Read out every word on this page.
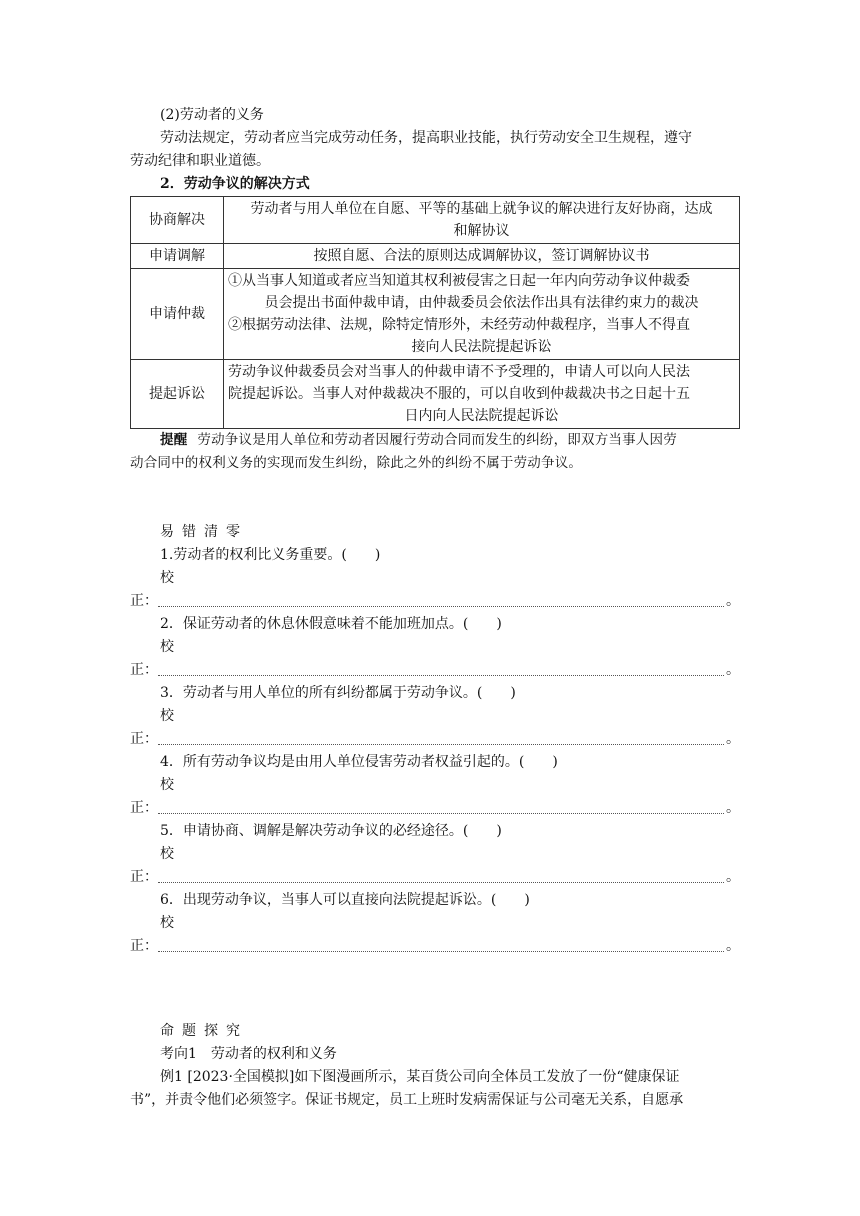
(2)劳动者的义务

劳动法规定，劳动者应当完成劳动任务，提高职业技能，执行劳动安全卫生规程，遵守

劳动纪律和职业道德。

2．劳动争议的解决方式

协商解决	劳动者与用人单位在自愿、平等的基础上就争议的解决进行友好协商，达成
和解协议

申请调解	按照自愿、合法的原则达成调解协议，签订调解协议书

申请仲裁	①从当事人知道或者应当知道其权利被侵害之日起一年内向劳动争议仲裁委
员会提出书面仲裁申请，由仲裁委员会依法作出具有法律约束力的裁决
②根据劳动法律、法规，除特定情形外，未经劳动仲裁程序，当事人不得直
接向人民法院提起诉讼

提起诉讼	劳动争议仲裁委员会对当事人的仲裁申请不予受理的，申请人可以向人民法
院提起诉讼。当事人对仲裁裁决不服的，可以自收到仲裁裁决书之日起十五
日内向人民法院提起诉讼

提醒 劳动争议是用人单位和劳动者因履行劳动合同而发生的纠纷，即双方当事人因劳

动合同中的权利义务的实现而发生纠纷，除此之外的纠纷不属于劳动争议。

易错清零

1.劳动者的权利比义务重要。(　　)

校

正：	。

2．保证劳动者的休息休假意味着不能加班加点。(　　)

校

正：	。

3．劳动者与用人单位的所有纠纷都属于劳动争议。(　　)

校

正：	。

4．所有劳动争议均是由用人单位侵害劳动者权益引起的。(　　)

校

正：	。

5．申请协商、调解是解决劳动争议的必经途径。(　　)

校

正：	。

6．出现劳动争议，当事人可以直接向法院提起诉讼。(　　)

校

正：	。

命题探究

考向1　劳动者的权利和义务

例1 [2023·全国模拟]如下图漫画所示，某百货公司向全体员工发放了一份“健康保证

书”，并责令他们必须签字。保证书规定，员工上班时发病需保证与公司毫无关系，自愿承
